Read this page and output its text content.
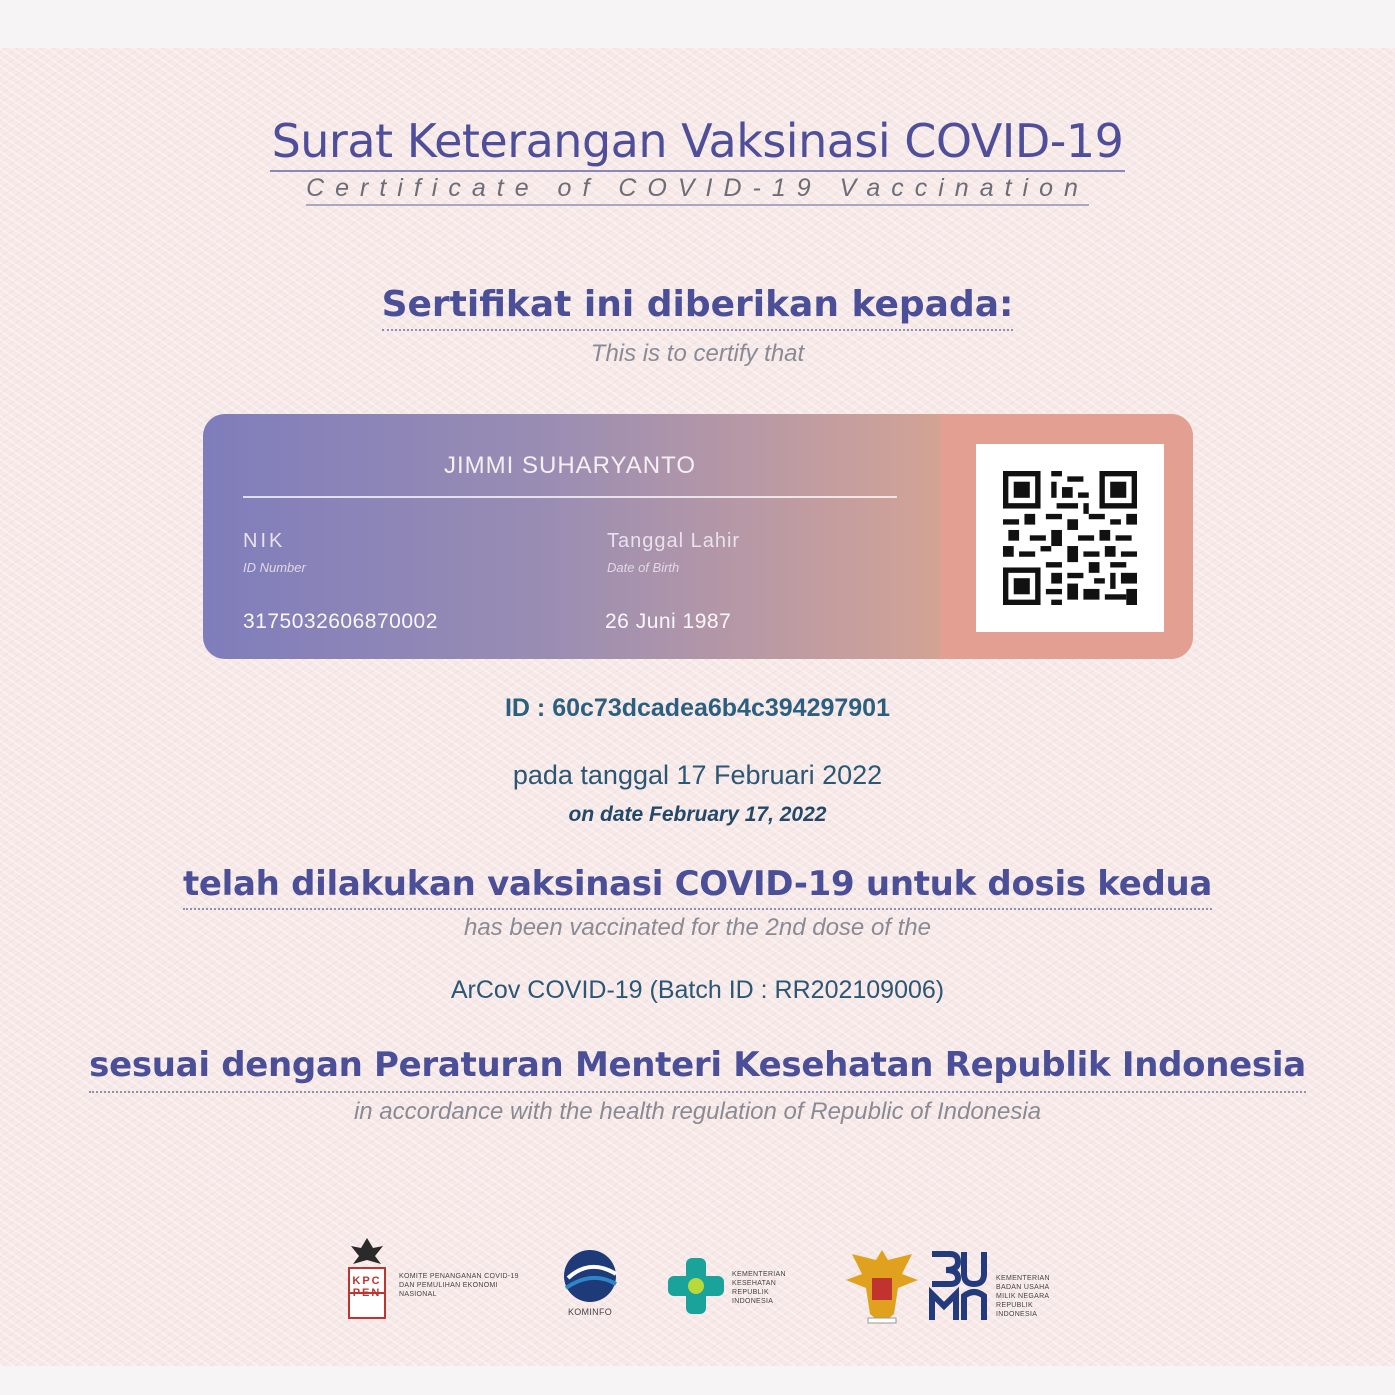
Surat Keterangan Vaksinasi COVID-19
Certificate of COVID-19 Vaccination
Sertifikat ini diberikan kepada:
This is to certify that
JIMMI SUHARYANTO
NIK
ID Number
3175032606870002
Tanggal Lahir
Date of Birth
26 Juni 1987
ID : 60c73dcadea6b4c394297901
pada tanggal 17 Februari 2022
on date February 17, 2022
telah dilakukan vaksinasi COVID-19 untuk dosis kedua
has been vaccinated for the 2nd dose of the
ArCov COVID-19 (Batch ID : RR202109006)
sesuai dengan Peraturan Menteri Kesehatan Republik Indonesia
in accordance with the health regulation of Republic of Indonesia
KPC PEN
KOMITE PENANGANAN COVID-19 DAN PEMULIHAN EKONOMI NASIONAL
KOMINFO
KEMENTERIAN KESEHATAN REPUBLIK INDONESIA
KEMENTERIAN BADAN USAHA MILIK NEGARA REPUBLIK INDONESIA
